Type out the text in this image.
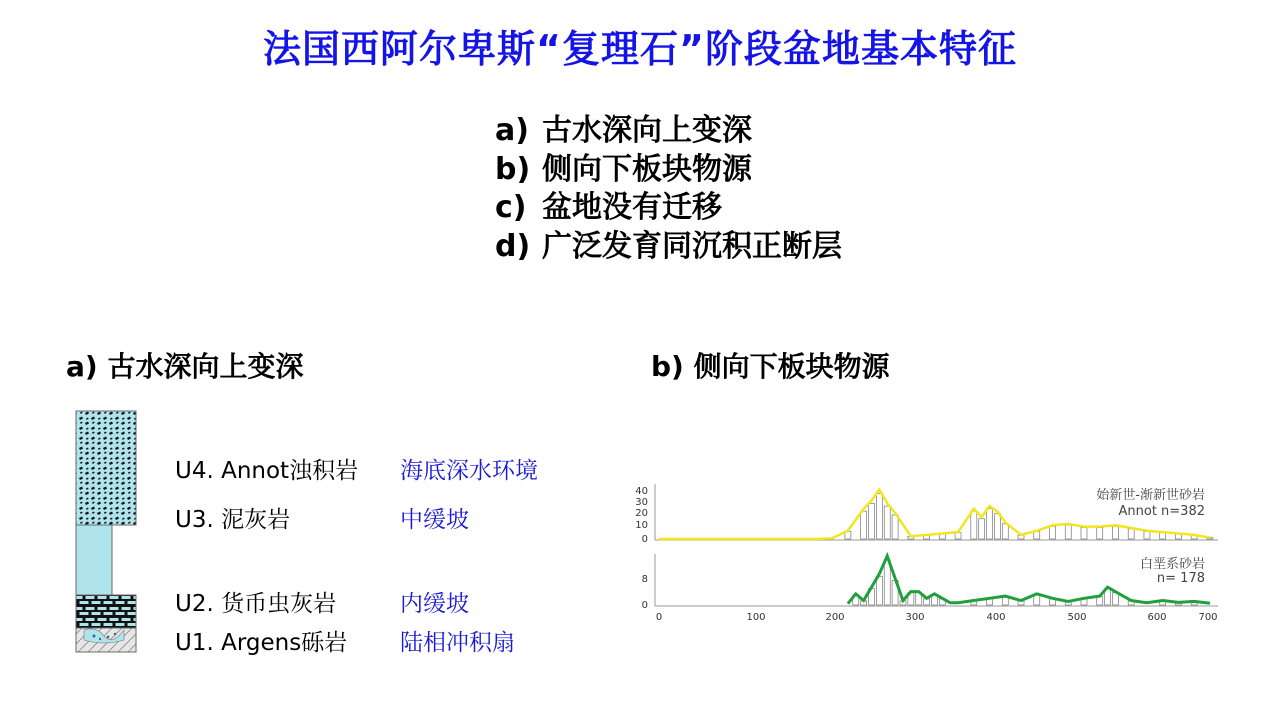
法国西阿尔卑斯“复理石”阶段盆地基本特征
a) 古水深向上变深
b) 侧向下板块物源
c) 盆地没有迁移
d) 广泛发育同沉积正断层
a) 古水深向上变深	b) 侧向下板块物源
U4. Annot浊积岩 海底深水环境
U3. 泥灰岩	中缓坡
U2. 货币虫灰岩	内缓坡
U1. Argens砾岩 陆相冲积扇
40
30
20
10
0
8
0
0	100	200	300	400	500	600	700
始新世-渐新世砂岩
Annot n=382
白垩系砂岩
n= 178
